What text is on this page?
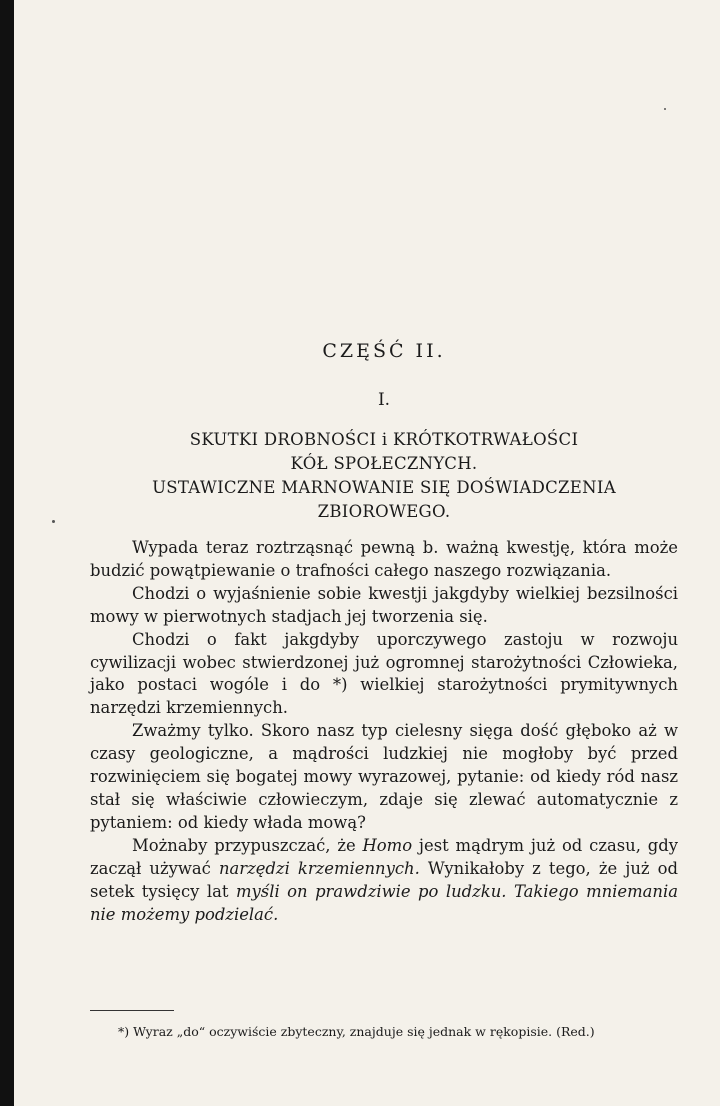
CZĘŚĆ II.
I.
SKUTKI DROBNOŚCI i KRÓTKOTRWAŁOŚCI
KÓŁ SPOŁECZNYCH.
USTAWICZNE MARNOWANIE SIĘ DOŚWIADCZENIA
ZBIOROWEGO.

Wypada teraz roztrząsnąć pewną b. ważną kwestję, która może budzić powątpiewanie o trafności całego naszego rozwiązania.

Chodzi o wyjaśnienie sobie kwestji jakgdyby wielkiej bezsilności mowy w pierwotnych stadjach jej tworzenia się.

Chodzi o fakt jakgdyby uporczywego zastoju w rozwoju cywilizacji wobec stwierdzonej już ogromnej starożytności Człowieka, jako postaci wogóle i do *) wielkiej starożytności prymitywnych narzędzi krzemiennych.

Zważmy tylko. Skoro nasz typ cielesny sięga dość głęboko aż w czasy geologiczne, a mądrości ludzkiej nie mogłoby być przed rozwinięciem się bogatej mowy wyrazowej, pytanie: od kiedy ród nasz stał się właściwie człowieczym, zdaje się zlewać automatycznie z pytaniem: od kiedy włada mową?

Możnaby przypuszczać, że Homo jest mądrym już od czasu, gdy zaczął używać narzędzi krzemiennych. Wynikałoby z tego, że już od setek tysięcy lat myśli on prawdziwie po ludzku. Takiego mniemania nie możemy podzielać.

*) Wyraz „do“ oczywiście zbyteczny, znajduje się jednak w rękopisie. (Red.)
